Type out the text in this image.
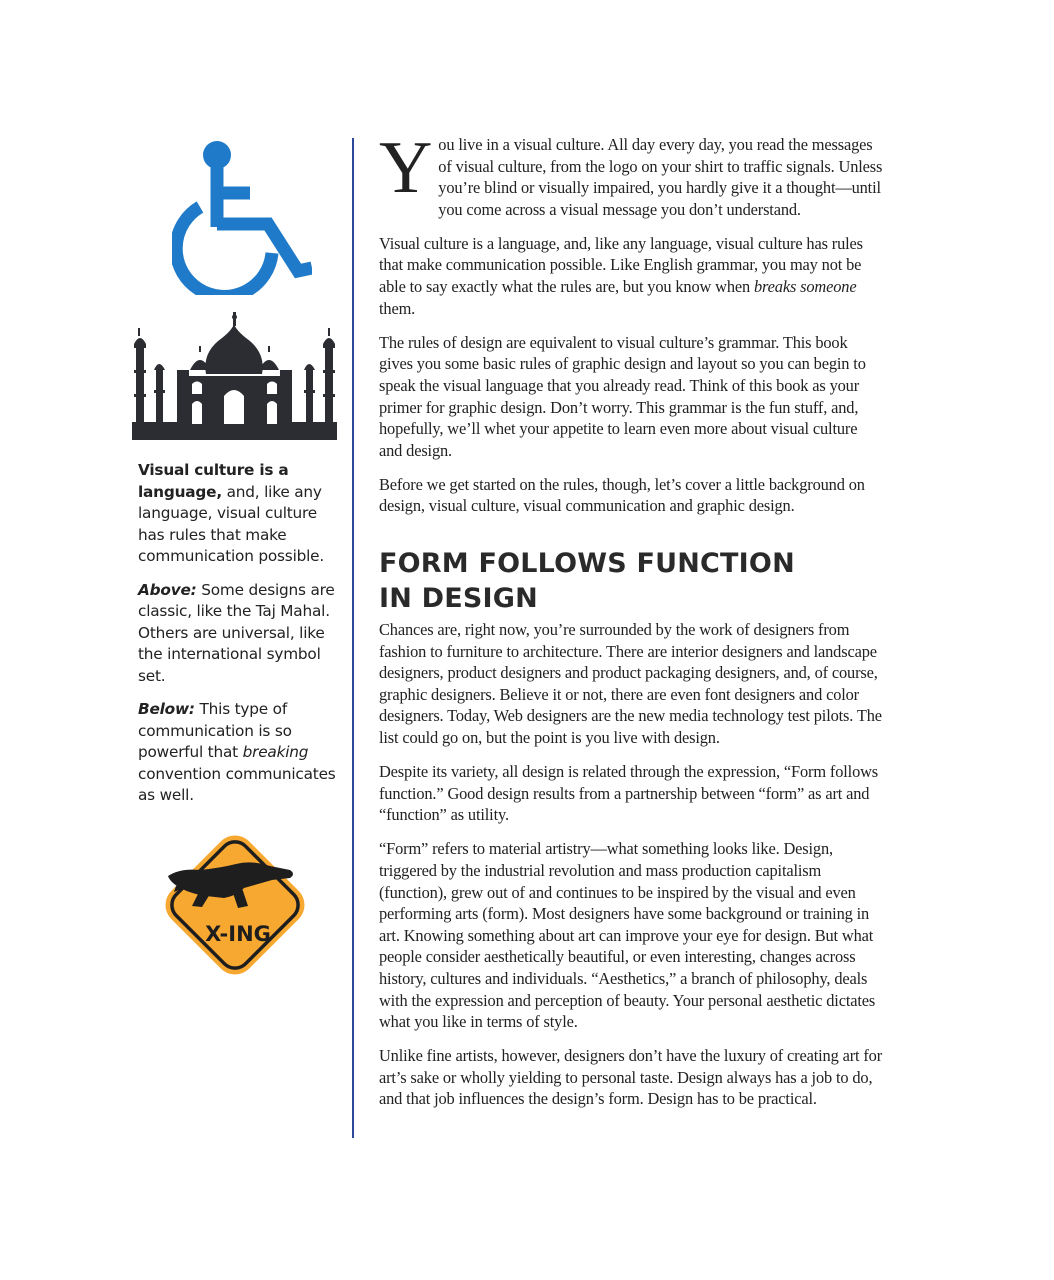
Visual culture is a language, and, like any language, visual culture has rules that make communication possible.

Above: Some designs are classic, like the Taj Mahal. Others are universal, like the international symbol set.

Below: This type of communication is so powerful that breaking convention communicates as well.

X-ING

You live in a visual culture. All day every day, you read the messages of visual culture, from the logo on your shirt to traffic signals. Unless you’re blind or visually impaired, you hardly give it a thought—until you come across a visual message you don’t understand.

Visual culture is a language, and, like any language, visual culture has rules that make communication possible. Like English grammar, you may not be able to say exactly what the rules are, but you know when breaks someone them.

The rules of design are equivalent to visual culture’s grammar. This book gives you some basic rules of graphic design and layout so you can begin to speak the visual language that you already read. Think of this book as your primer for graphic design. Don’t worry. This grammar is the fun stuff, and, hopefully, we’ll whet your appetite to learn even more about visual culture and design.

Before we get started on the rules, though, let’s cover a little background on design, visual culture, visual communication and graphic design.

FORM FOLLOWS FUNCTION
IN DESIGN

Chances are, right now, you’re surrounded by the work of designers from fashion to furniture to architecture. There are interior designers and landscape designers, product designers and product packaging designers, and, of course, graphic designers. Believe it or not, there are even font designers and color designers. Today, Web designers are the new media technology test pilots. The list could go on, but the point is you live with design.

Despite its variety, all design is related through the expression, “Form follows function.” Good design results from a partnership between “form” as art and “function” as utility.

“Form” refers to material artistry—what something looks like. Design, triggered by the industrial revolution and mass production capitalism (function), grew out of and continues to be inspired by the visual and even performing arts (form). Most designers have some background or training in art. Knowing something about art can improve your eye for design. But what people consider aesthetically beautiful, or even interesting, changes across history, cultures and individuals. “Aesthetics,” a branch of philosophy, deals with the expression and perception of beauty. Your personal aesthetic dictates what you like in terms of style.

Unlike fine artists, however, designers don’t have the luxury of creating art for art’s sake or wholly yielding to personal taste. Design always has a job to do, and that job influences the design’s form. Design has to be practical.
